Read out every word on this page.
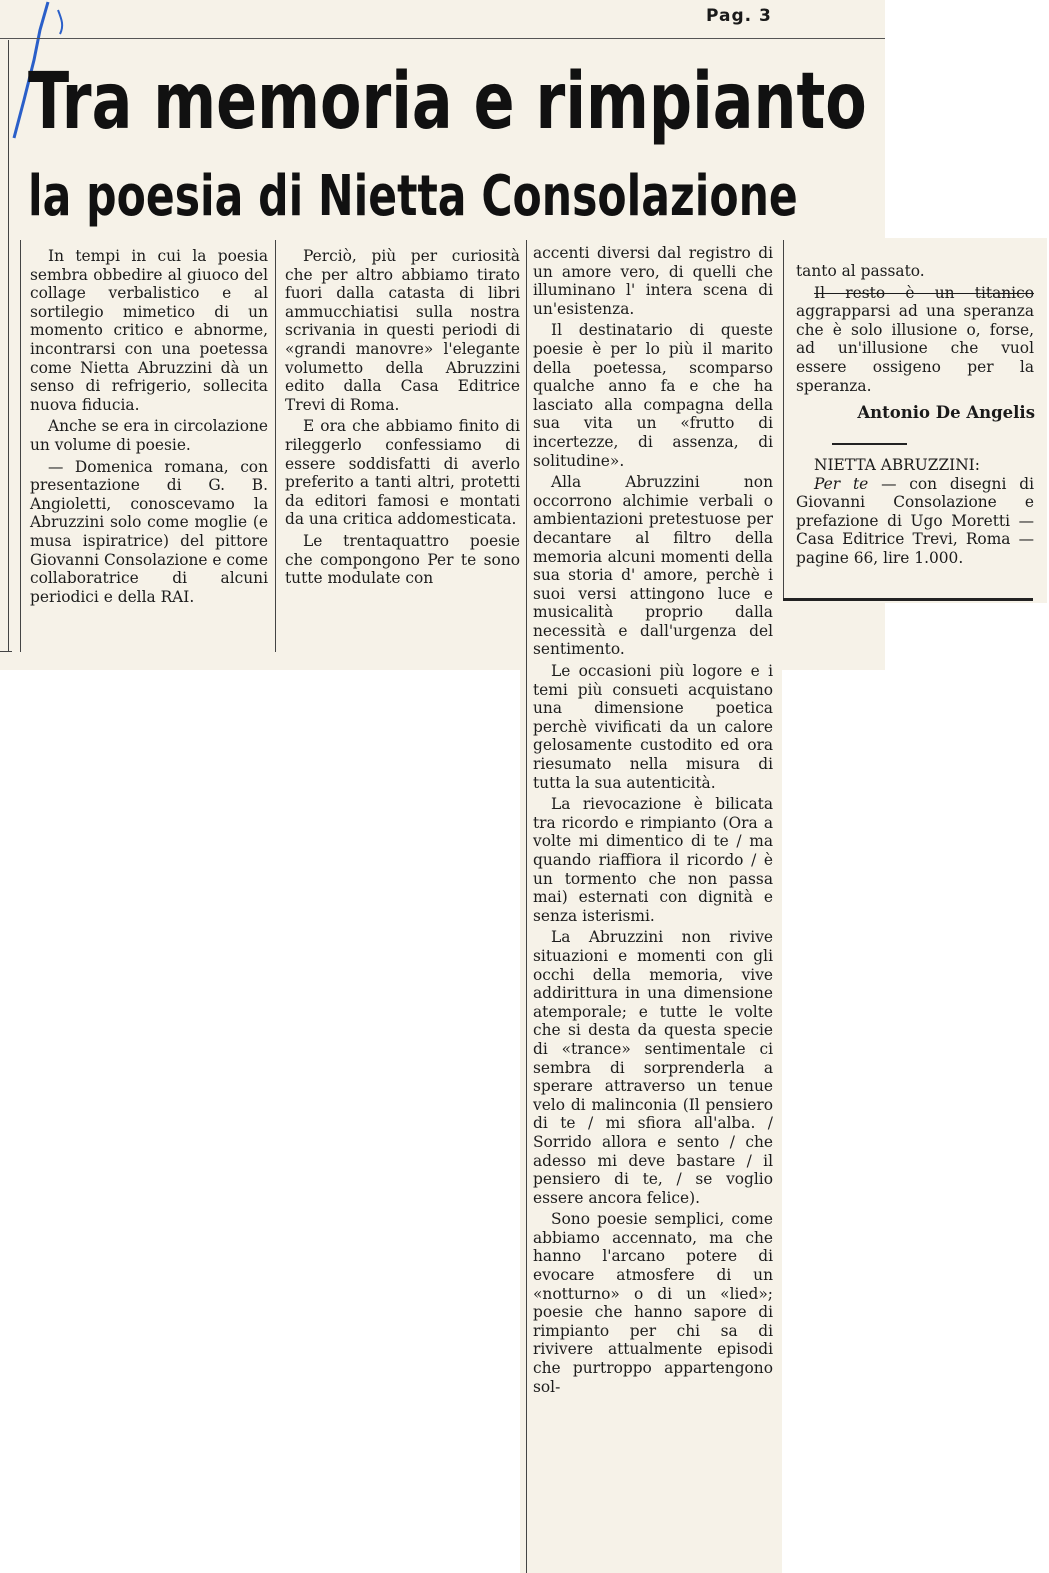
Pag. 3
Tra memoria e rimpianto
la poesia di Nietta Consolazione

In tempi in cui la poesia sembra obbedire al giuoco del collage verbalistico e al sortilegio mimetico di un momento critico e abnorme, incontrarsi con una poetessa come Nietta Abruzzini dà un senso di refrigerio, sollecita nuova fiducia.

Anche se era in circolazione un volume di poesie.

— Domenica romana, con presentazione di G. B. Angioletti, conoscevamo la Abruzzini solo come moglie (e musa ispiratrice) del pittore Giovanni Consolazione e come collaboratrice di alcuni periodici e della RAI.

Perciò, più per curiosità che per altro abbiamo tirato fuori dalla catasta di libri ammucchiatisi sulla nostra scrivania in questi periodi di «grandi manovre» l'elegante volumetto della Abruzzini edito dalla Casa Editrice Trevi di Roma.

E ora che abbiamo finito di rileggerlo confessiamo di essere soddisfatti di averlo preferito a tanti altri, protetti da editori famosi e montati da una critica addomesticata.

Le trentaquattro poesie che compongono Per te sono tutte modulate con

accenti diversi dal registro di un amore vero, di quelli che illuminano l' intera scena di un'esistenza.

Il destinatario di queste poesie è per lo più il marito della poetessa, scomparso qualche anno fa e che ha lasciato alla compagna della sua vita un «frutto di incertezze, di assenza, di solitudine».

Alla Abruzzini non occorrono alchimie verbali o ambientazioni pretestuose per decantare al filtro della memoria alcuni momenti della sua storia d' amore, perchè i suoi versi attingono luce e musicalità proprio dalla necessità e dall'urgenza del sentimento.

Le occasioni più logore e i temi più consueti acquistano una dimensione poetica perchè vivificati da un calore gelosamente custodito ed ora riesumato nella misura di tutta la sua autenticità.

La rievocazione è bilicata tra ricordo e rimpianto (Ora a volte mi dimentico di te / ma quando riaffiora il ricordo / è un tormento che non passa mai) esternati con dignità e senza isterismi.

La Abruzzini non rivive situazioni e momenti con gli occhi della memoria, vive addirittura in una dimensione atemporale; e tutte le volte che si desta da questa specie di «trance» sentimentale ci sembra di sorprenderla a sperare attraverso un tenue velo di malinconia (Il pensiero di te / mi sfiora all'alba. / Sorrido allora e sento / che adesso mi deve bastare / il pensiero di te, / se voglio essere ancora felice).

Sono poesie semplici, come abbiamo accennato, ma che hanno l'arcano potere di evocare atmosfere di un «notturno» o di un «lied»; poesie che hanno sapore di rimpianto per chi sa di rivivere attualmente episodi che purtroppo appartengono sol-

tanto al passato.

Il resto è un titanico aggrapparsi ad una speranza che è solo illusione o, forse, ad un'illusione che vuol essere ossigeno per la speranza.

Antonio De Angelis

NIETTA ABRUZZINI:

Per te — con disegni di Giovanni Consolazione e prefazione di Ugo Moretti — Casa Editrice Trevi, Roma — pagine 66, lire 1.000.
